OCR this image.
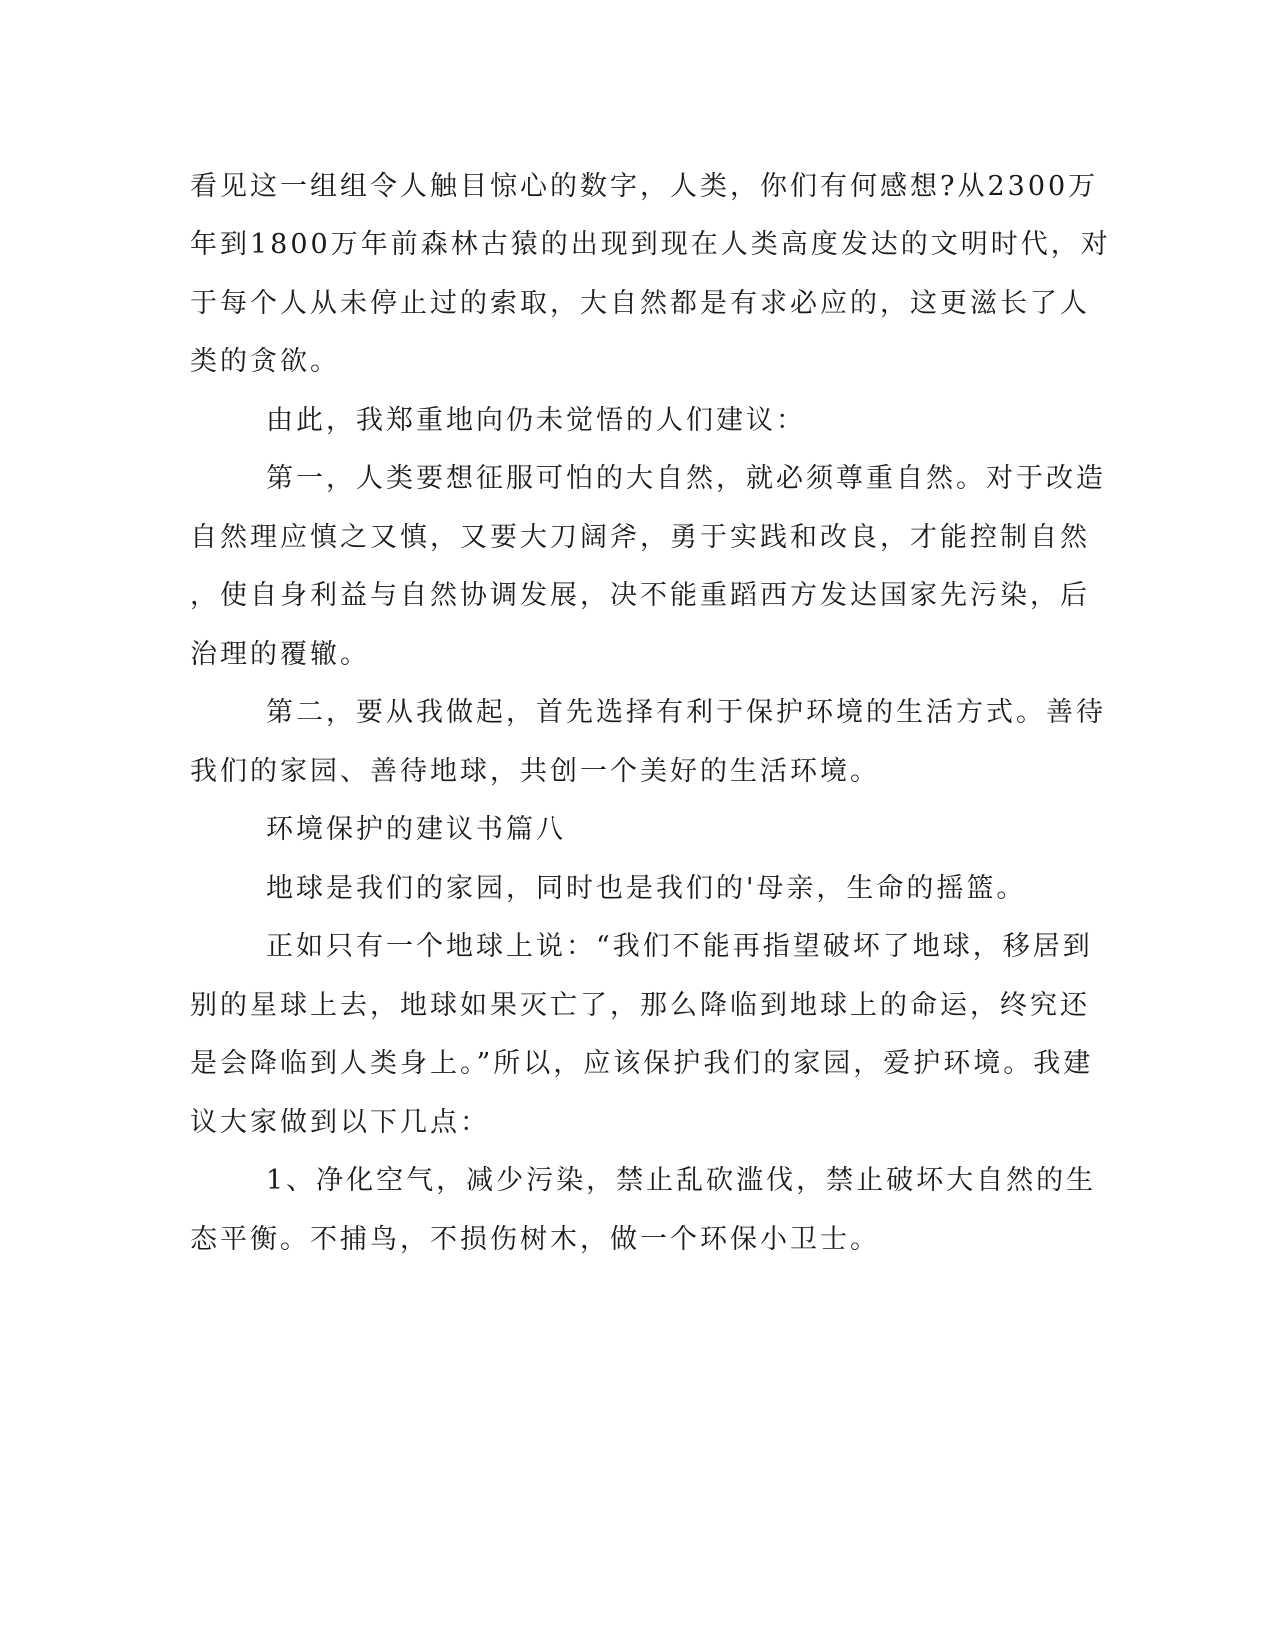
看见这一组组令人触目惊心的数字，人类，你们有何感想?从2300万
年到1800万年前森林古猿的出现到现在人类高度发达的文明时代，对
于每个人从未停止过的索取，大自然都是有求必应的，这更滋长了人
类的贪欲。
由此，我郑重地向仍未觉悟的人们建议：
第一，人类要想征服可怕的大自然，就必须尊重自然。对于改造
自然理应慎之又慎，又要大刀阔斧，勇于实践和改良，才能控制自然
，使自身利益与自然协调发展，决不能重蹈西方发达国家先污染，后
治理的覆辙。
第二，要从我做起，首先选择有利于保护环境的生活方式。善待
我们的家园、善待地球，共创一个美好的生活环境。
环境保护的建议书篇八
地球是我们的家园，同时也是我们的'母亲，生命的摇篮。
正如只有一个地球上说：“我们不能再指望破坏了地球，移居到
别的星球上去，地球如果灭亡了，那么降临到地球上的命运，终究还
是会降临到人类身上。”所以，应该保护我们的家园，爱护环境。我建
议大家做到以下几点：
1、净化空气，减少污染，禁止乱砍滥伐，禁止破坏大自然的生
态平衡。不捕鸟，不损伤树木，做一个环保小卫士。
